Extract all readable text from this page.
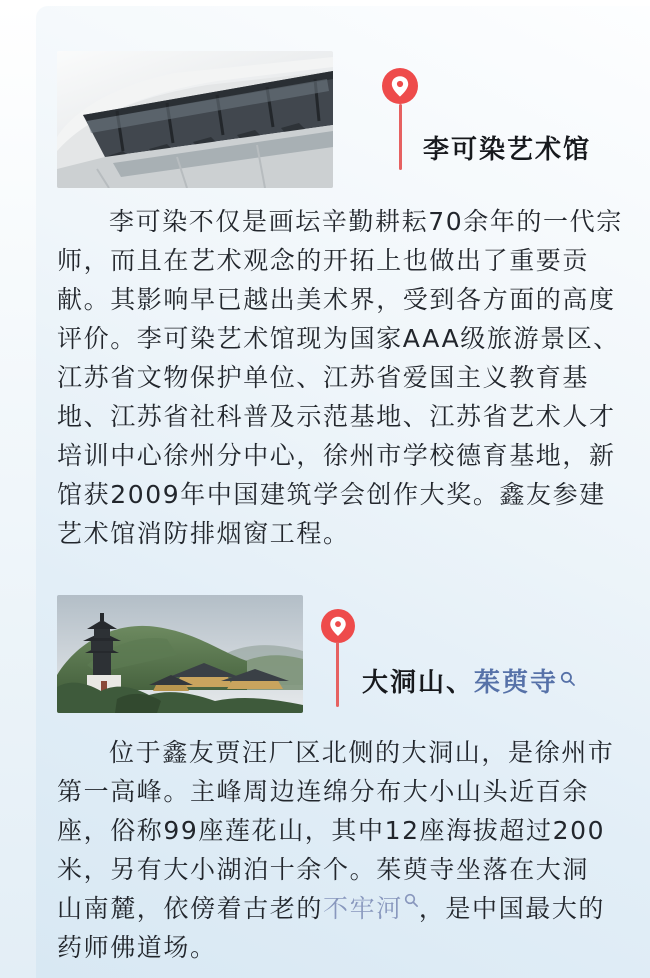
李可染艺术馆
李可染不仅是画坛辛勤耕耘70余年的一代宗
师，而且在艺术观念的开拓上也做出了重要贡
献。其影响早已越出美术界，受到各方面的高度
评价。李可染艺术馆现为国家AAA级旅游景区、
江苏省文物保护单位、江苏省爱国主义教育基
地、江苏省社科普及示范基地、江苏省艺术人才
培训中心徐州分中心，徐州市学校德育基地，新
馆获2009年中国建筑学会创作大奖。鑫友参建
艺术馆消防排烟窗工程。
大洞山、 茱萸寺
位于鑫友贾汪厂区北侧的大洞山，是徐州市
第一高峰。主峰周边连绵分布大小山头近百余
座，俗称99座莲花山，其中12座海拔超过200
米，另有大小湖泊十余个。茱萸寺坐落在大洞
山南麓，依傍着古老的不牢河 ，是中国最大的
药师佛道场。
